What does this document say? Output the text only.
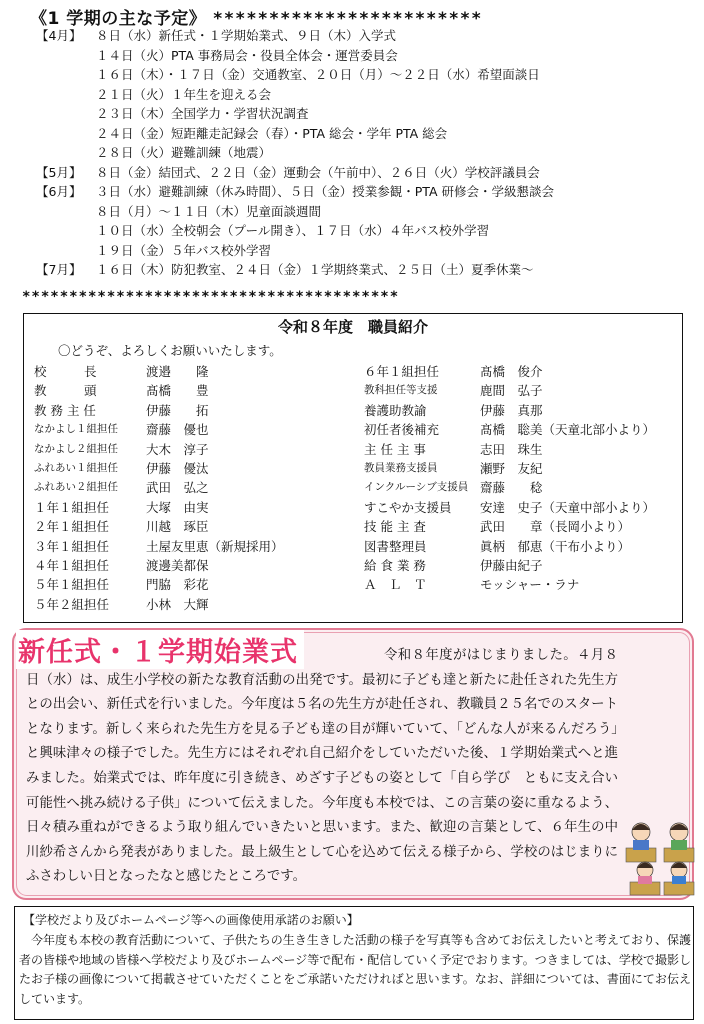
《1 学期の主な予定》 ************************
【4月】 ８日（水）新任式・１学期始業式、９日（木）入学式
１４日（火）PTA 事務局会・役員全体会・運営委員会
１６日（木）・１７日（金）交通教室、２０日（月）～２２日（水）希望面談日
２１日（火）１年生を迎える会
２３日（木）全国学力・学習状況調査
２４日（金）短距離走記録会（春）・PTA 総会・学年 PTA 総会
２８日（火）避難訓練（地震）
【5月】 ８日（金）結団式、２２日（金）運動会（午前中）、２６日（火）学校評議員会
【6月】 ３日（水）避難訓練（休み時間）、５日（金）授業参観・PTA 研修会・学級懇談会
８日（月）～１１日（木）児童面談週間
１０日（水）全校朝会（プール開き）、１７日（水）４年バス校外学習
１９日（金）５年バス校外学習
【7月】 １６日（木）防犯教室、２４日（金）１学期終業式、２５日（土）夏季休業～
****************************************
令和８年度　職員紹介
〇どうぞ、よろしくお願いいたします。
校　　　長	渡邉　　隆
教　　　頭	髙橋　　豊
教 務 主 任	伊藤　　拓
なかよし１組担任 齋藤　優也
なかよし２組担任 大木　淳子
ふれあい１組担任 伊藤　優汰
ふれあい２組担任 武田　弘之
１年１組担任	大塚　由実
２年１組担任	川越　琢臣
３年１組担任	土屋友里恵（新規採用）
４年１組担任	渡邊美都保
５年１組担任	門脇　彩花
５年２組担任	小林　大輝
６年１組担任	髙橋　俊介
教科担任等支援	鹿間　弘子
養護助教諭	伊藤　真那
初任者後補充	髙橋　聡美（天童北部小より）
主 任 主 事	志田　珠生
教員業務支援員	瀬野　友紀
インクルーシブ支援員 齋藤　　稔
すこやか支援員 安達　史子（天童中部小より）
技 能 主 査	武田　　章（長岡小より）
図書整理員	眞柄　郁恵（干布小より）
給 食 業 務	伊藤由紀子
Ａ　Ｌ　Ｔ	モッシャー・ラナ

令和８年度がはじまりました。４月８日（水）は、成生小学校の新たな教育活動の出発です。最初に子ども達と新たに赴任された先生方との出会い、新任式を行いました。今年度は５名の先生方が赴任され、教職員２５名でのスタートとなります。新しく来られた先生方を見る子ども達の目が輝いていて、「どんな人が来るんだろう」と興味津々の様子でした。先生方にはそれぞれ自己紹介をしていただいた後、１学期始業式へと進みました。始業式では、昨年度に引き続き、めざす子どもの姿として「自ら学び　ともに支え合い　可能性へ挑み続ける子供」について伝えました。今年度も本校では、この言葉の姿に重なるよう、日々積み重ねができるよう取り組んでいきたいと思います。また、歓迎の言葉として、６年生の中川紗希さんから発表がありました。最上級生として心を込めて伝える様子から、学校のはじまりにふさわしい日となったなと感じたところです。

新任式・１学期始業式
【学校だより及びホームページ等への画像使用承諾のお願い】
　今年度も本校の教育活動について、子供たちの生き生きした活動の様子を写真等も含めてお伝えしたいと考えており、保護者の皆様や地域の皆様へ学校だより及びホームページ等で配布・配信していく予定でおります。つきましては、学校で撮影したお子様の画像について掲載させていただくことをご承諾いただければと思います。なお、詳細については、書面にてお伝えしています。
